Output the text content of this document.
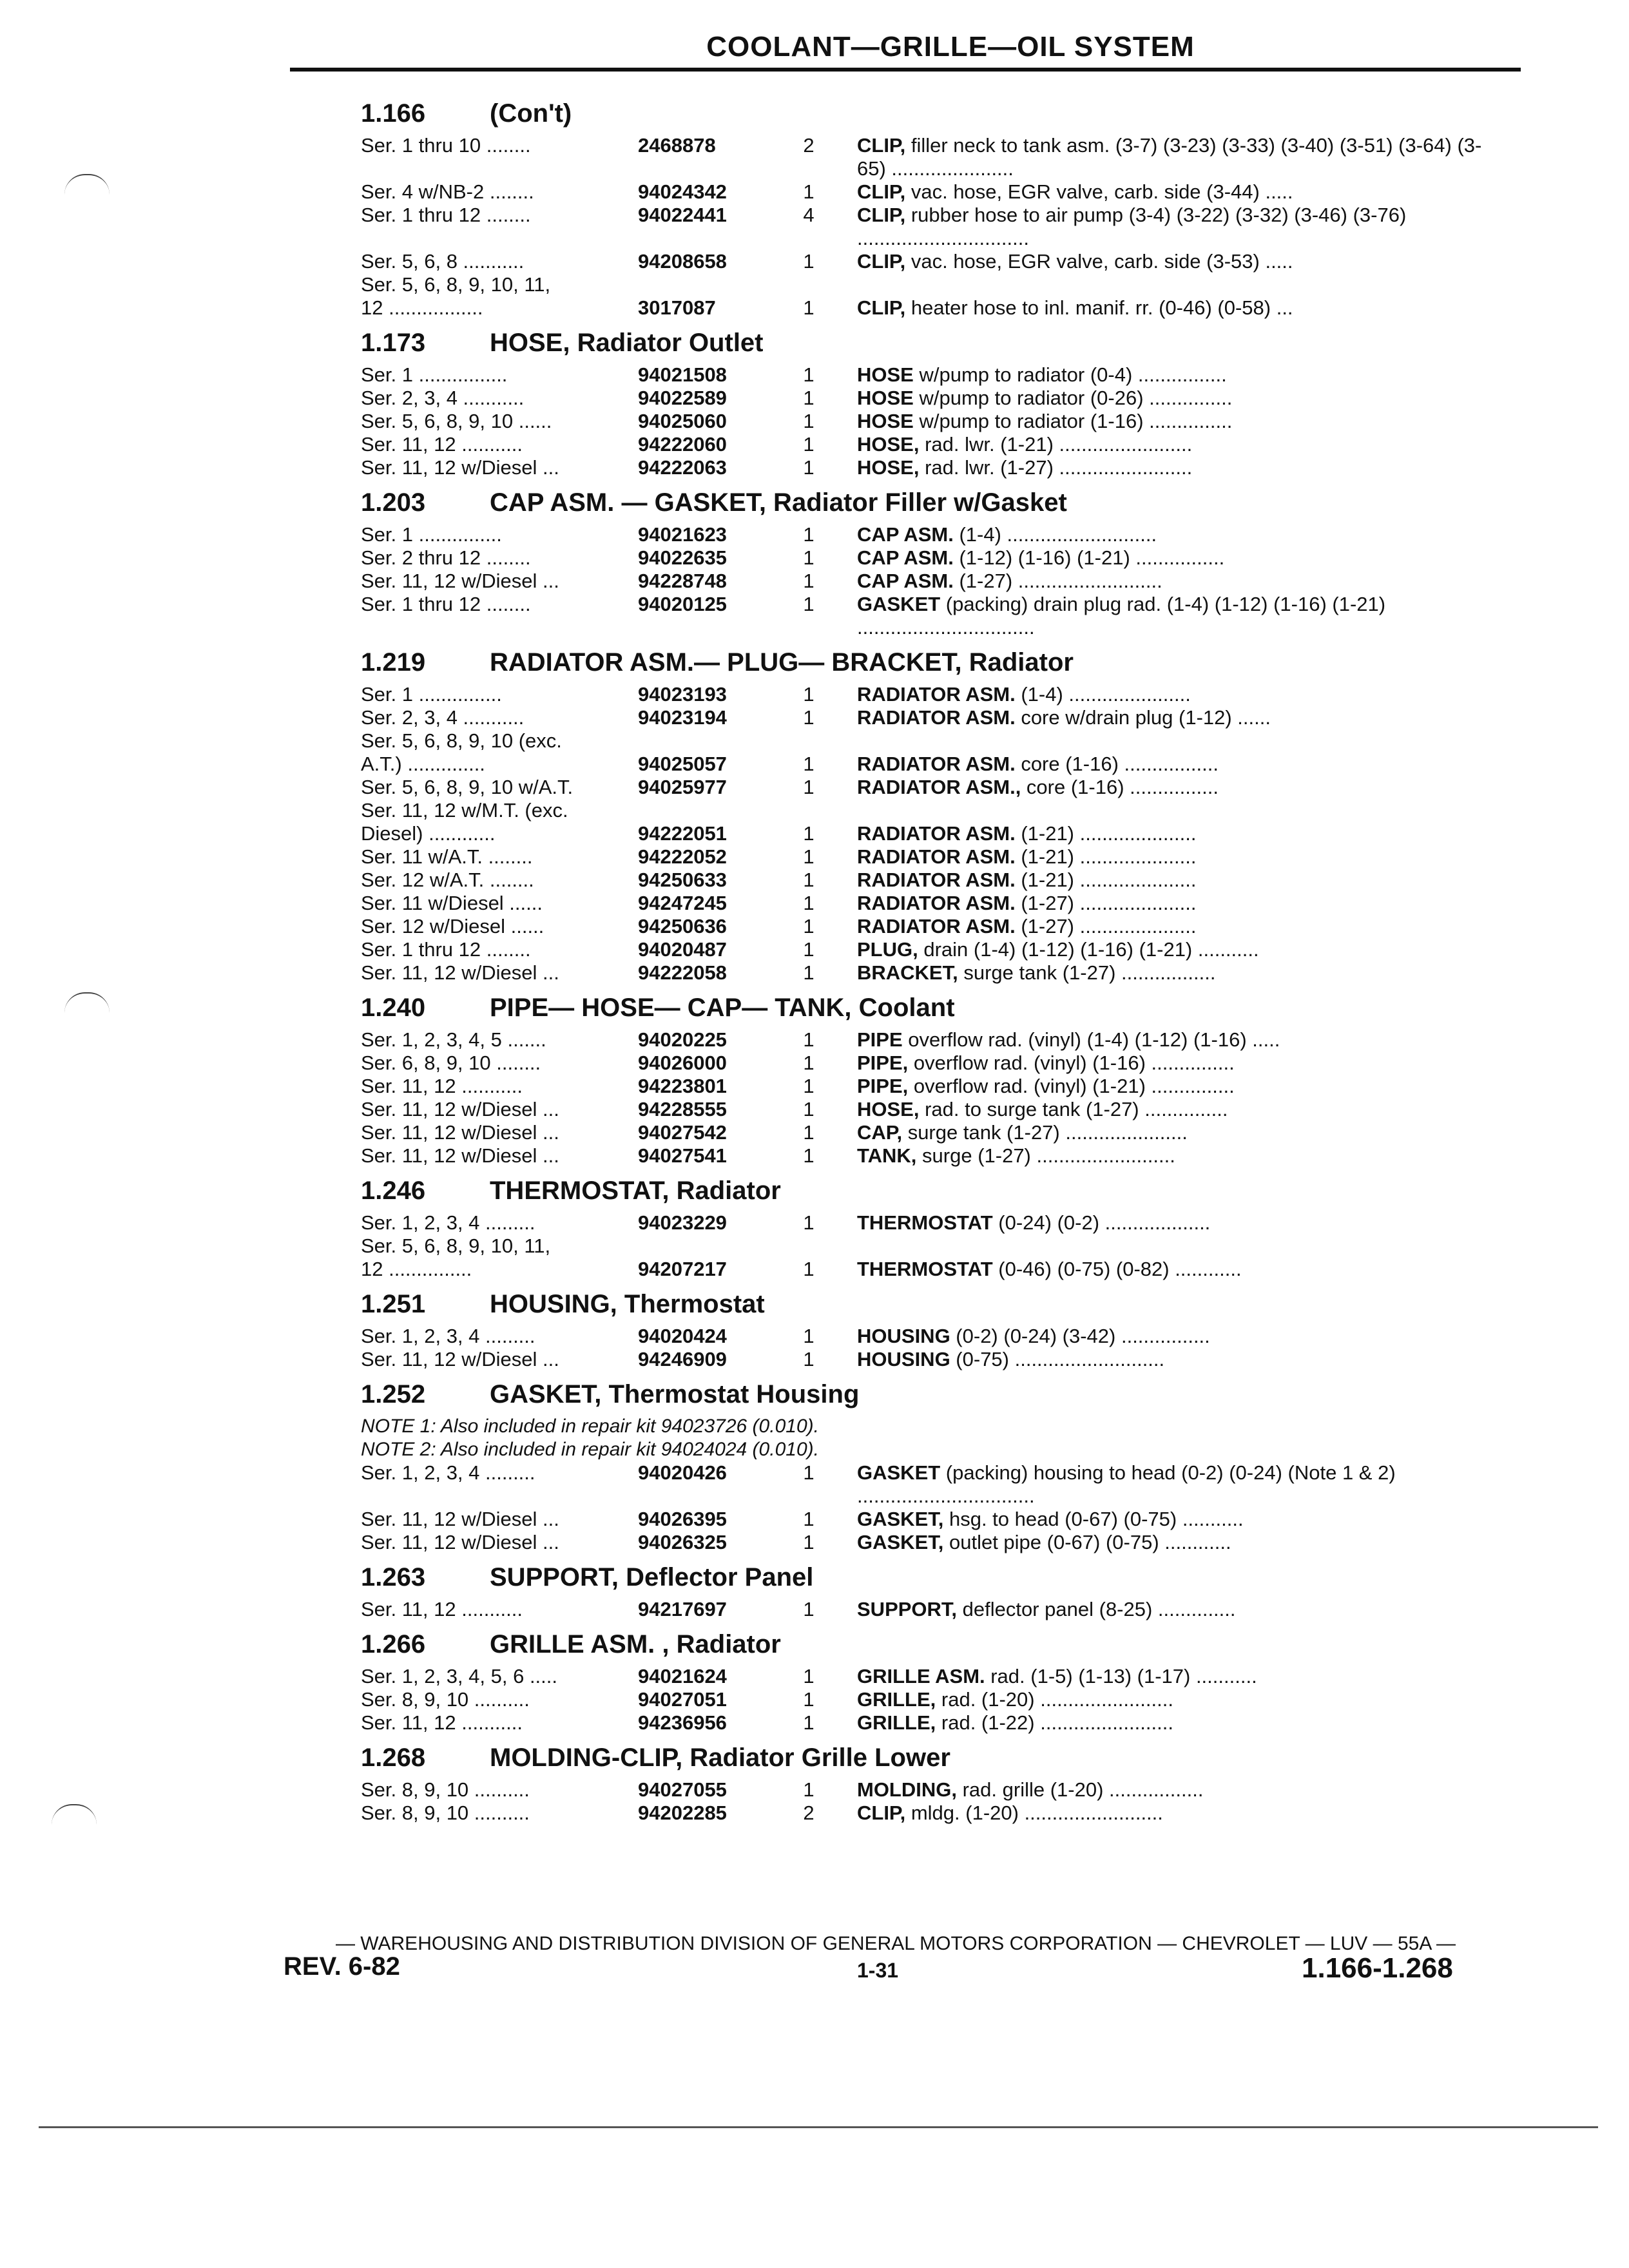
COOLANT—GRILLE—OIL SYSTEM
1.166	(Con't)
Ser. 1 thru 10 ........	2468878	2	CLIP, filler neck to tank asm. (3-7) (3-23) (3-33) (3-40) (3-51) (3-64) (3-65) ......................
Ser. 4 w/NB-2 ........	94024342	1	CLIP, vac. hose, EGR valve, carb. side (3-44) .....
Ser. 1 thru 12 ........	94022441	4	CLIP, rubber hose to air pump (3-4) (3-22) (3-32) (3-46) (3-76) ...............................
Ser. 5, 6, 8 ...........	94208658	1	CLIP, vac. hose, EGR valve, carb. side (3-53) .....
Ser. 5, 6, 8, 9, 10, 11,
12 .................	3017087	1	CLIP, heater hose to inl. manif. rr. (0-46) (0-58) ...
1.173	HOSE, Radiator Outlet
Ser. 1 ................	94021508	1	HOSE w/pump to radiator (0-4) ................
Ser. 2, 3, 4 ...........	94022589	1	HOSE w/pump to radiator (0-26) ...............
Ser. 5, 6, 8, 9, 10 ......	94025060	1	HOSE w/pump to radiator (1-16) ...............
Ser. 11, 12 ...........	94222060	1	HOSE, rad. lwr. (1-21) ........................
Ser. 11, 12 w/Diesel ...	94222063	1	HOSE, rad. lwr. (1-27) ........................
1.203	CAP ASM. — GASKET, Radiator Filler w/Gasket
Ser. 1 ...............	94021623	1	CAP ASM. (1-4) ...........................
Ser. 2 thru 12 ........	94022635	1	CAP ASM. (1-12) (1-16) (1-21) ................
Ser. 11, 12 w/Diesel ...	94228748	1	CAP ASM. (1-27) ..........................
Ser. 1 thru 12 ........	94020125	1	GASKET (packing) drain plug rad. (1-4) (1-12) (1-16) (1-21) ................................
1.219	RADIATOR ASM.— PLUG— BRACKET, Radiator
Ser. 1 ...............	94023193	1	RADIATOR ASM. (1-4) ......................
Ser. 2, 3, 4 ...........	94023194	1	RADIATOR ASM. core w/drain plug (1-12) ......
Ser. 5, 6, 8, 9, 10 (exc.
A.T.) ..............	94025057	1	RADIATOR ASM. core (1-16) .................
Ser. 5, 6, 8, 9, 10 w/A.T.	94025977	1	RADIATOR ASM., core (1-16) ................
Ser. 11, 12 w/M.T. (exc.
Diesel) ............	94222051	1	RADIATOR ASM. (1-21) .....................
Ser. 11 w/A.T. ........	94222052	1	RADIATOR ASM. (1-21) .....................
Ser. 12 w/A.T. ........	94250633	1	RADIATOR ASM. (1-21) .....................
Ser. 11 w/Diesel ......	94247245	1	RADIATOR ASM. (1-27) .....................
Ser. 12 w/Diesel ......	94250636	1	RADIATOR ASM. (1-27) .....................
Ser. 1 thru 12 ........	94020487	1	PLUG, drain (1-4) (1-12) (1-16) (1-21) ...........
Ser. 11, 12 w/Diesel ...	94222058	1	BRACKET, surge tank (1-27) .................
1.240	PIPE— HOSE— CAP— TANK, Coolant
Ser. 1, 2, 3, 4, 5 .......	94020225	1	PIPE overflow rad. (vinyl) (1-4) (1-12) (1-16) .....
Ser. 6, 8, 9, 10 ........	94026000	1	PIPE, overflow rad. (vinyl) (1-16) ...............
Ser. 11, 12 ...........	94223801	1	PIPE, overflow rad. (vinyl) (1-21) ...............
Ser. 11, 12 w/Diesel ...	94228555	1	HOSE, rad. to surge tank (1-27) ...............
Ser. 11, 12 w/Diesel ...	94027542	1	CAP, surge tank (1-27) ......................
Ser. 11, 12 w/Diesel ...	94027541	1	TANK, surge (1-27) .........................
1.246	THERMOSTAT, Radiator
Ser. 1, 2, 3, 4 .........	94023229	1	THERMOSTAT (0-24) (0-2) ...................
Ser. 5, 6, 8, 9, 10, 11,
12 ...............	94207217	1	THERMOSTAT (0-46) (0-75) (0-82) ............
1.251	HOUSING, Thermostat
Ser. 1, 2, 3, 4 .........	94020424	1	HOUSING (0-2) (0-24) (3-42) ................
Ser. 11, 12 w/Diesel ...	94246909	1	HOUSING (0-75) ...........................
1.252	GASKET, Thermostat Housing
NOTE 1: Also included in repair kit 94023726 (0.010).
NOTE 2: Also included in repair kit 94024024 (0.010).
Ser. 1, 2, 3, 4 .........	94020426	1	GASKET (packing) housing to head (0-2) (0-24) (Note 1 & 2) ................................
Ser. 11, 12 w/Diesel ...	94026395	1	GASKET, hsg. to head (0-67) (0-75) ...........
Ser. 11, 12 w/Diesel ...	94026325	1	GASKET, outlet pipe (0-67) (0-75) ............
1.263	SUPPORT, Deflector Panel
Ser. 11, 12 ...........	94217697	1	SUPPORT, deflector panel (8-25) ..............
1.266	GRILLE ASM. , Radiator
Ser. 1, 2, 3, 4, 5, 6 .....	94021624	1	GRILLE ASM. rad. (1-5) (1-13) (1-17) ...........
Ser. 8, 9, 10 ..........	94027051	1	GRILLE, rad. (1-20) ........................
Ser. 11, 12 ...........	94236956	1	GRILLE, rad. (1-22) ........................
1.268	MOLDING-CLIP, Radiator Grille Lower
Ser. 8, 9, 10 ..........	94027055	1	MOLDING, rad. grille (1-20) .................
Ser. 8, 9, 10 ..........	94202285	2	CLIP, mldg. (1-20) .........................
— WAREHOUSING AND DISTRIBUTION DIVISION OF GENERAL MOTORS CORPORATION — CHEVROLET — LUV — 55A —
REV. 6-82	1-31	1.166-1.268
